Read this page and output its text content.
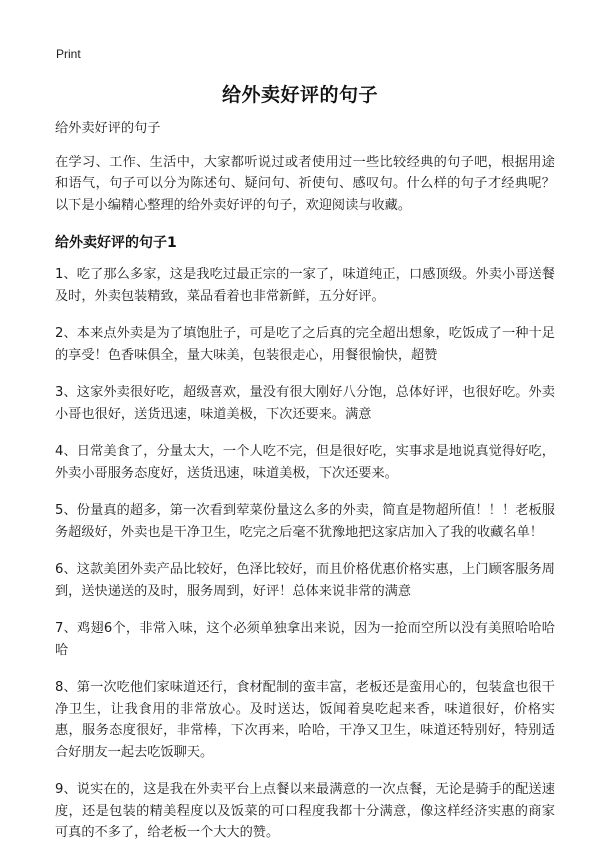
Print
给外卖好评的句子

给外卖好评的句子

在学习、工作、生活中，大家都听说过或者使用过一些比较经典的句子吧，根据用途和语气，句子可以分为陈述句、疑问句、祈使句、感叹句。什么样的句子才经典呢？以下是小编精心整理的给外卖好评的句子，欢迎阅读与收藏。

给外卖好评的句子1

1、吃了那么多家，这是我吃过最正宗的一家了，味道纯正，口感顶级。外卖小哥送餐及时，外卖包装精致，菜品看着也非常新鲜，五分好评。

2、本来点外卖是为了填饱肚子，可是吃了之后真的完全超出想象，吃饭成了一种十足的享受！色香味俱全，量大味美，包装很走心，用餐很愉快，超赞

3、这家外卖很好吃，超级喜欢，量没有很大刚好八分饱，总体好评，也很好吃。外卖小哥也很好，送货迅速，味道美极，下次还要来。满意

4、日常美食了，分量太大，一个人吃不完，但是很好吃，实事求是地说真觉得好吃，外卖小哥服务态度好，送货迅速，味道美极，下次还要来。

5、份量真的超多，第一次看到荤菜份量这么多的外卖，简直是物超所值！！！老板服务超级好，外卖也是干净卫生，吃完之后毫不犹豫地把这家店加入了我的收藏名单！

6、这款美团外卖产品比较好，色泽比较好，而且价格优惠价格实惠，上门顾客服务周到，送快递送的及时，服务周到，好评！总体来说非常的满意

7、鸡翅6个，非常入味，这个必须单独拿出来说，因为一抢而空所以没有美照哈哈哈哈

8、第一次吃他们家味道还行，食材配制的蛮丰富，老板还是蛮用心的，包装盒也很干净卫生，让我食用的非常放心。及时送达，饭闻着臭吃起来香，味道很好，价格实惠，服务态度很好，非常棒，下次再来，哈哈，干净又卫生，味道还特别好，特别适合好朋友一起去吃饭聊天。

9、说实在的，这是我在外卖平台上点餐以来最满意的一次点餐，无论是骑手的配送速度，还是包装的精美程度以及饭菜的可口程度我都十分满意，像这样经济实惠的商家可真的不多了，给老板一个大大的赞。
